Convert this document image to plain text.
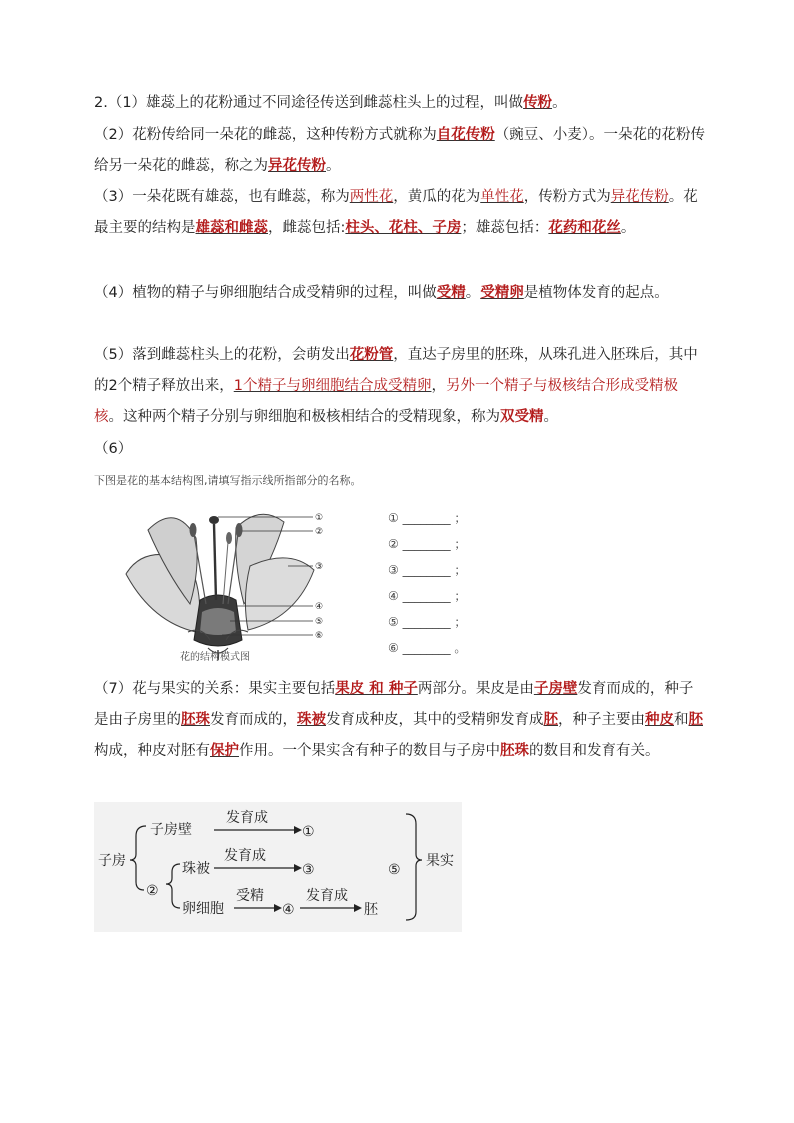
2.（1）雄蕊上的花粉通过不同途径传送到雌蕊柱头上的过程，叫做传粉。

（2）花粉传给同一朵花的雌蕊，这种传粉方式就称为自花传粉（豌豆、小麦）。一朵花的花粉传给另一朵花的雌蕊，称之为异花传粉。

（3）一朵花既有雄蕊，也有雌蕊，称为两性花，黄瓜的花为单性花，传粉方式为异花传粉。花最主要的结构是雄蕊和雌蕊，雌蕊包括:柱头、花柱、子房；雄蕊包括：花药和花丝。

（4）植物的精子与卵细胞结合成受精卵的过程，叫做受精。受精卵是植物体发育的起点。

（5）落到雌蕊柱头上的花粉，会萌发出花粉管，直达子房里的胚珠，从珠孔进入胚珠后，其中的2个精子释放出来，1个精子与卵细胞结合成受精卵，另外一个精子与极核结合形成受精极核。这种两个精子分别与卵细胞和极核相结合的受精现象，称为双受精。

（6）

下图是花的基本结构图,请填写指示线所指部分的名称。
①
②
③
④
⑤
⑥
花的结构模式图
① ________ ；
② ________ ；
③ ________ ；
④ ________ ；
⑤ ________ ；
⑥ ________ 。

（7）花与果实的关系：果实主要包括果皮 和 种子两部分。果皮是由子房壁发育而成的，种子是由子房里的胚珠发育而成的，珠被发育成种皮，其中的受精卵发育成胚，种子主要由种皮和胚构成，种皮对胚有保护作用。一个果实含有种子的数目与子房中胚珠的数目和发育有关。

子房
子房壁
发育成
①
②
珠被
发育成
③
卵细胞
受精
④
发育成
胚
⑤
果实
